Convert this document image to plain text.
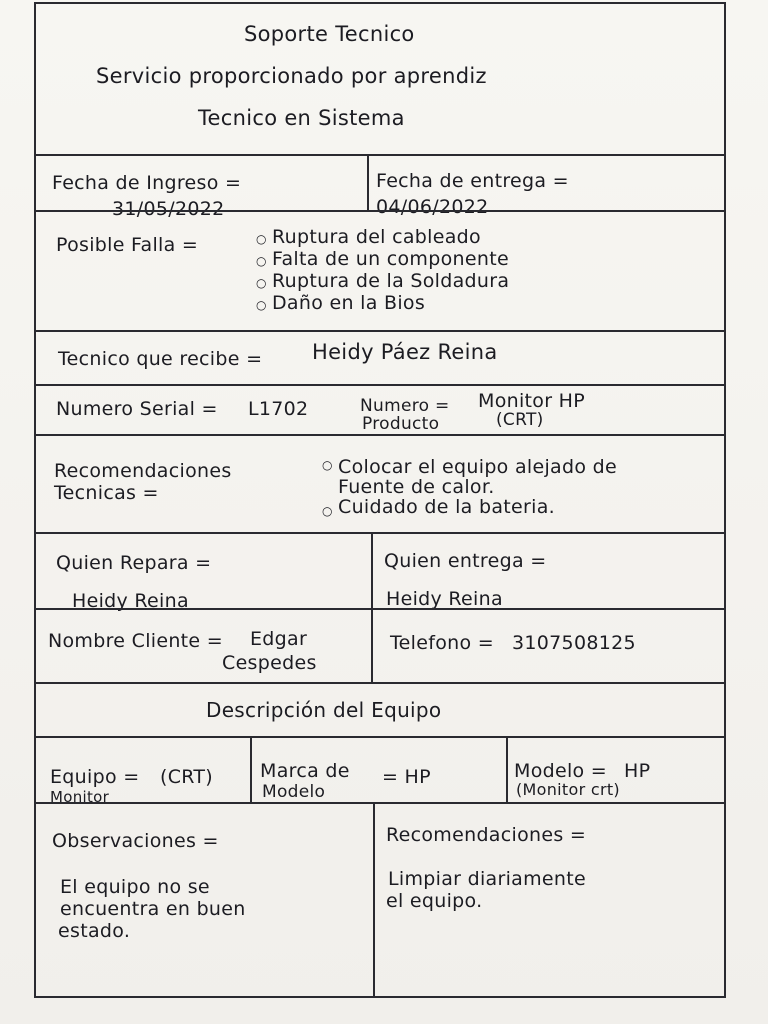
Soporte Tecnico
Servicio proporcionado por aprendiz
Tecnico en Sistema
Fecha de Ingreso =
31/05/2022
Fecha de entrega =
04/06/2022
Posible Falla =	○ Ruptura del cableado
○ Falta de un componente
○ Ruptura de la Soldadura
○ Daño en la Bios
Tecnico que recibe = Heidy Páez Reina
Numero Serial = L1702	Numero =
Producto
Monitor HP
(CRT)
Recomendaciones
Tecnicas =
○ Colocar el equipo alejado de
Fuente de calor.
○ Cuidado de la bateria.
Quien Repara =
Heidy Reina
Quien entrega =
Heidy Reina
Nombre Cliente = Edgar
Cespedes
Telefono = 3107508125
Descripción del Equipo
Equipo = (CRT)
Monitor
Marca de
Modelo
= HP	Modelo = HP
(Monitor crt)
Observaciones =
El equipo no se
encuentra en buen
estado.
Recomendaciones =
Limpiar diariamente
el equipo.
